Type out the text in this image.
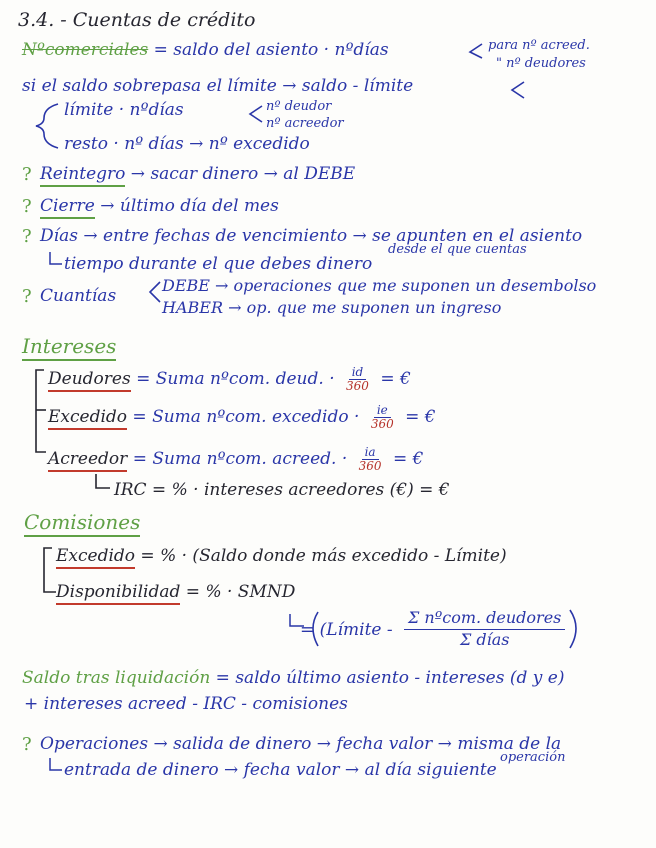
3.4. - Cuentas de crédito
Nºcomerciales = saldo del asiento · nºdías	para nº acreed.
" nº deudores
si el saldo sobrepasa el límite → saldo - límite
límite · nºdías	nº deudor
nº acreedor
resto · nº días → nº excedido
? Reintegro → sacar dinero → al DEBE
? Cierre → último día del mes
? Días → entre fechas de vencimiento → se apunten en el asiento
desde el que cuentas
tiempo durante el que debes dinero
? Cuantías
DEBE → operaciones que me suponen un desembolso
HABER → op. que me suponen un ingreso
Intereses
Deudores = Suma nºcom. deud. · $\frac{id}{360}$ = €
Excedido = Suma nºcom. excedido · $\frac{ie}{360}$ = €
Acreedor = Suma nºcom. acreed. · $\frac{ia}{360}$ = €
IRC = % · intereses acreedores (€) = €
Comisiones
Excedido = % · (Saldo donde más excedido - Límite)
Disponibilidad = % · SMND
= (Límite -
Σ nºcom. deudores
Σ días
Saldo tras liquidación = saldo último asiento - intereses (d y e)
+ intereses acreed - IRC - comisiones
? Operaciones → salida de dinero → fecha valor → misma de la
operación
entrada de dinero → fecha valor → al día siguiente
